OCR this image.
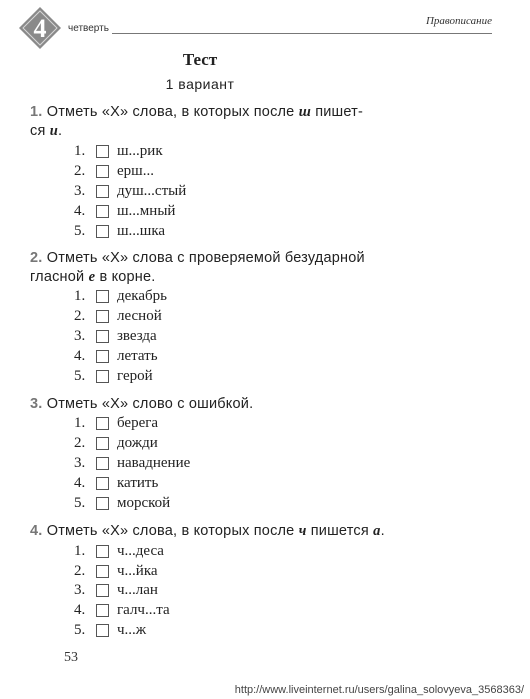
4 четверть
Правописание
Тест
1 вариант
1. Отметь «Х» слова, в которых после ш пишет-
ся и.
1.	ш...рик
2.	ерш...
3.	душ...стый
4.	ш...мный
5.	ш...шка
2. Отметь «Х» слова с проверяемой безударной
гласной е в корне.
1.	декабрь
2.	лесной
3.	звезда
4.	летать
5.	герой
3. Отметь «Х» слово с ошибкой.
1.	берега
2.	дожди
3.	наваднение
4.	катить
5.	морской
4. Отметь «Х» слова, в которых после ч пишется а.
1.	ч...деса
2.	ч...йка
3.	ч...лан
4.	галч...та
5.	ч...ж
53
http://www.liveinternet.ru/users/galina_solovyeva_3568363/
